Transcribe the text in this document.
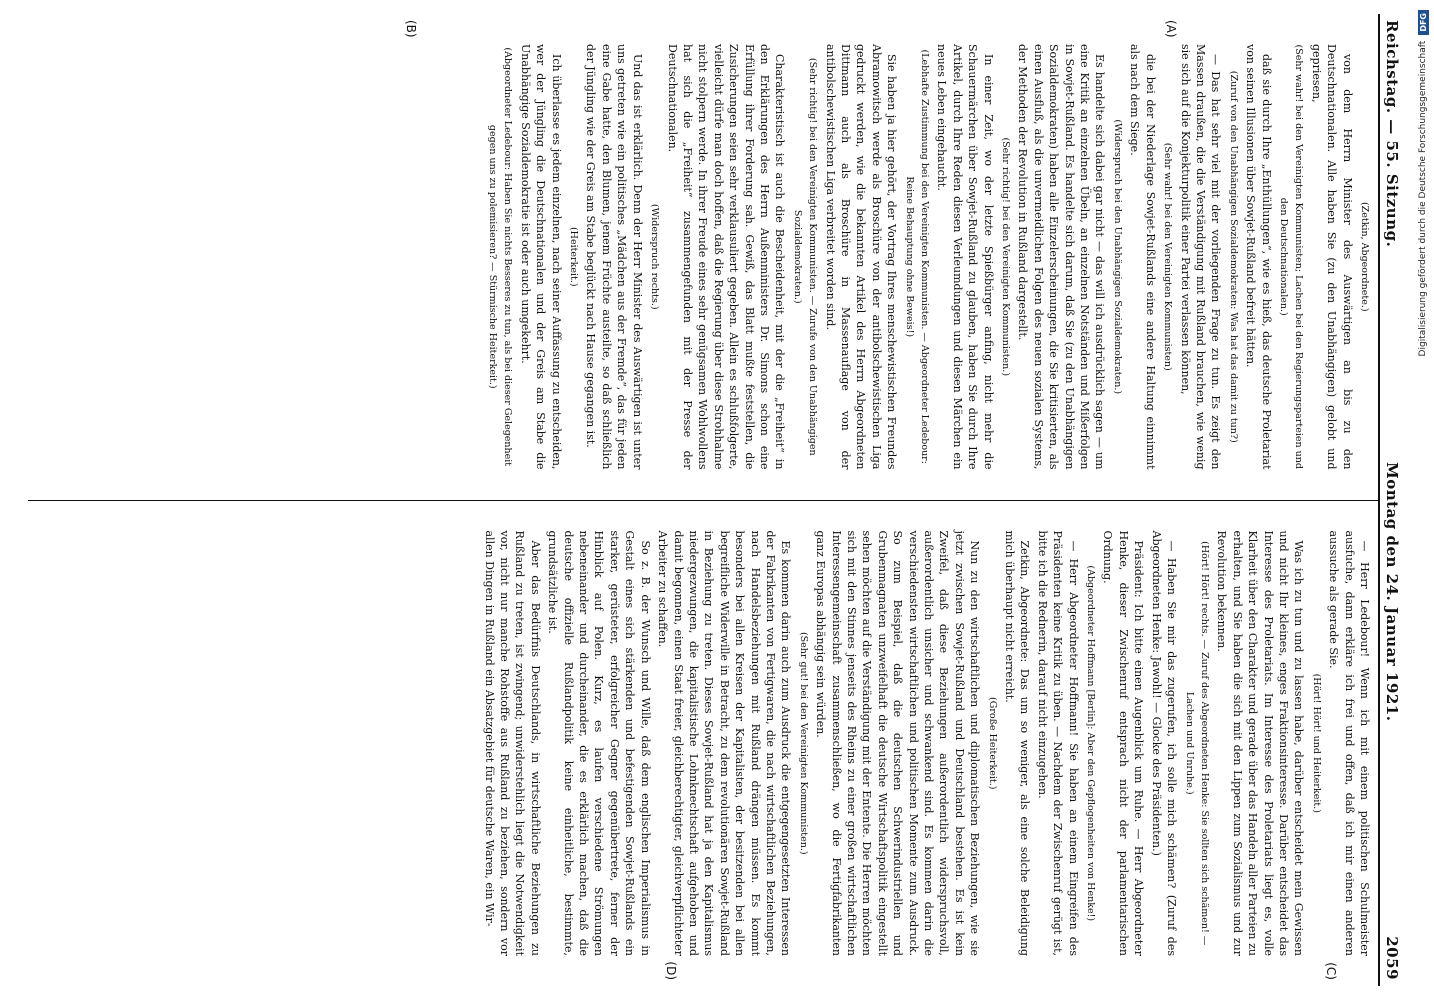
Reichstag. — 55. Sitzung.
Montag den 24. Januar 1921.
2059
(A)
(B)

(Zetkin, Abgeordnete.)

von dem Herrn Minister des Auswärtigen an bis zu den Deutschnationalen. Alle haben Sie (zu den Unabhängigen) gelobt und gepriesen,

(Sehr wahr! bei den Vereinigten Kommunisten; Lachen bei den Regierungsparteien und den Deutschnationalen.)

daß sie durch Ihre „Enthüllungen“, wie es hieß, das deutsche Proletariat von seinen Illusionen über Sowjet-Rußland befreit hätten.

(Zuruf von den Unabhängigen Sozialdemokraten: Was hat das damit zu tun?)

— Das hat sehr viel mit der vorliegenden Frage zu tun. Es zeigt den Massen draußen, die die Verständigung mit Rußland brauchen, wie wenig sie sich auf die Konjekturpolitik einer Partei verlassen können,

(Sehr wahr! bei den Vereinigten Kommunisten)

die bei der Niederlage Sowjet-Rußlands eine andere Haltung einnimmt als nach dem Siege.

(Widerspruch bei den Unabhängigen Sozialdemokraten.)

Es handelte sich dabei gar nicht — das will ich ausdrücklich sagen — um eine Kritik an einzelnen Übeln, an einzelnen Notständen und Mißerfolgen in Sowjet-Rußland. Es handelte sich darum, daß Sie (zu den Unabhängigen Sozialdemokraten) haben alle Einzelerscheinungen, die Sie kritisierten, als einen Ausfluß, als die unvermeidlichen Folgen des neuen sozialen Systems, der Methoden der Revolution in Rußland dargestellt.

(Sehr richtig! bei den Vereinigten Kommunisten.)

In einer Zeit, wo der letzte Spießbürger anfing, nicht mehr die Schauermärchen über Sowjet-Rußland zu glauben, haben Sie durch Ihre Artikel, durch Ihre Reden diesen Verleumdungen und diesen Märchen ein neues Leben eingehaucht.

(Lebhafte Zustimmung bei den Vereinigten Kommunisten. — Abgeordneter Ledebour: Reine Behauptung ohne Beweis!)

Sie haben ja hier gehört, der Vortrag Ihres menschewistischen Freundes Abramowitsch werde als Broschüre von der antibolschewistischen Liga gedruckt werden, wie die bekannten Artikel des Herrn Abgeordneten Dittmann auch als Broschüre in Massenauflage von der antibolschewistischen Liga verbreitet worden sind.

(Sehr richtig! bei den Vereinigten Kommunisten. — Zurufe von den Unabhängigen Sozialdemokraten.)

Charakteristisch ist auch die Bescheidenheit, mit der die „Freiheit“ in den Erklärungen des Herrn Außenministers Dr. Simons schon eine Erfüllung ihrer Forderung sah. Gewiß, das Blatt mußte feststellen, die Zusicherungen seien sehr verklausuliert gegeben. Allein es schlußfolgerte, vielleicht dürfe man doch hoffen, daß die Regierung über diese Strohhalme nicht stolpern werde. In ihrer Freude eines sehr genügsamen Wohlwollens hat sich die „Freiheit“ zusammengefunden mit der Presse der Deutschnationalen.

(Widerspruch rechts.)

Und das ist erklärlich. Denn der Herr Minister des Auswärtigen ist unter uns getreten wie ein politisches „Mädchen aus der Fremde“, das für jeden eine Gabe hatte, den Blumen, jenem Früchte austeilte, so daß schließlich der Jüngling wie der Greis am Stabe beglückt nach Hause gegangen ist.

(Heiterkeit.)

Ich überlasse es jedem einzelnen, nach seiner Auffassung zu entscheiden, wer der Jüngling die Deutschnationalen und der Greis am Stabe die Unabhängige Sozialdemokratie ist oder auch umgekehrt.

(Abgeordneter Ledebour: Haben Sie nichts Besseres zu tun, als bei dieser Gelegenheit gegen uns zu polemisieren? — Stürmische Heiterkeit.)

(C)
(D)

— Herr Ledebour! Wenn ich mit einem politischen Schulmeister ausfuche, dann erkläre ich frei und offen, daß ich mir einen anderen aussuche als gerade Sie.

(Hört! Hört! und Heiterkeit.)

Was ich zu tun und zu lassen habe, darüber entscheidet mein Gewissen und nicht Ihr kleines, enges Fraktionsinteresse. Darüber entscheidet das Interesse des Proletariats. Im Interesse des Proletariats liegt es, volle Klarheit über den Charakter und gerade über das Handeln aller Parteien zu erhalten, und Sie haben die sich mit den Lippen zum Sozialismus und zur Revolution bekennen.

(Hört! Hört! rechts. — Zuruf des Abgeordneten Henke: Sie sollten sich schämen! — Lachen und Unruhe.)

— Haben Sie mir das zugerufen, ich solle mich schämen? (Zuruf des Abgeordneten Henke: Jawohl! — Glocke des Präsidenten.)

Präsident: Ich bitte einen Augenblick um Ruhe. — Herr Abgeordneter Henke, dieser Zwischenruf entsprach nicht der parlamentarischen Ordnung.

(Abgeordneter Hoffmann [Berlin]: Aber den Gepflogenheiten von Henke!)

— Herr Abgeordneter Hoffmann! Sie haben an einem Eingreifen des Präsidenten keine Kritik zu üben. — Nachdem der Zwischenruf gerügt ist, bitte ich die Rednerin, darauf nicht einzugehen.

Zetkin, Abgeordnete: Das um so weniger, als eine solche Beleidigung mich überhaupt nicht erreicht.

(Große Heiterkeit.)

Nun zu den wirtschaftlichen und diplomatischen Beziehungen, wie sie jetzt zwischen Sowjet-Rußland und Deutschland bestehen. Es ist kein Zweifel, daß diese Beziehungen außerordentlich widerspruchsvoll, außerordentlich unsicher und schwankend sind. Es kommen darin die verschiedensten wirtschaftlichen und politischen Momente zum Ausdruck. So zum Beispiel, daß die deutschen Schwerindustriellen und Grubenmagnaten unzweifelhaft die deutsche Wirtschaftspolitik eingestellt sehen möchten auf die Verständigung mit der Entente. Die Herren möchten sich mit den Stinnes jenseits des Rheins zu einer großen wirtschaftlichen Interessengemeinschaft zusammenschließen, wo die Fertigfabrikanten ganz Europas abhängig sein würden.

(Sehr gut! bei den Vereinigten Kommunisten.)

Es kommen darin auch zum Ausdruck die entgegengesetzten Interessen der Fabrikanten von Fertigwaren, die nach wirtschaftlichen Beziehungen, nach Handelsbeziehungen mit Rußland drängen müssen. Es kommt besonders bei allen Kreisen der Kapitalisten, der besitzenden bei allen begreifliche Widerwille in Betracht, zu dem revolutionären Sowjet-Rußland in Beziehung zu treten. Dieses Sowjet-Rußland hat ja den Kapitalismus niedergezwungen, die kapitalistische Lohnknechtschaft aufgehoben und damit begonnen, einen Staat freier, gleichberechtigter, gleichverpflichteter Arbeiter zu schaffen.

So z. B. der Wunsch und Wille, daß dem englischen Imperialismus in Gestalt eines sich stärkenden und befestigenden Sowjet-Rußlands ein starker, gerüsteter, erfolgreicher Gegner gegenübertrete, ferner der Hinblick auf Polen. Kurz, es laufen verschiedene Strömungen nebeneinander und durcheinander, die es erklärlich machen, daß die deutsche offizielle Rußlandpolitik keine einheitliche, bestimmte, grundsätzliche ist.

Aber das Bedürfnis Deutschlands, in wirtschaftliche Beziehungen zu Rußland zu treten, ist zwingend; unwiderstehlich liegt die Notwendigkeit vor, nicht nur manche Rohstoffe aus Rußland zu beziehen, sondern vor allen Dingen in Rußland ein Absatzgebiet für deutsche Waren, ein Wir-

Digitalisierung gefördert durch die Deutsche Forschungsgemeinschaft
DFG
